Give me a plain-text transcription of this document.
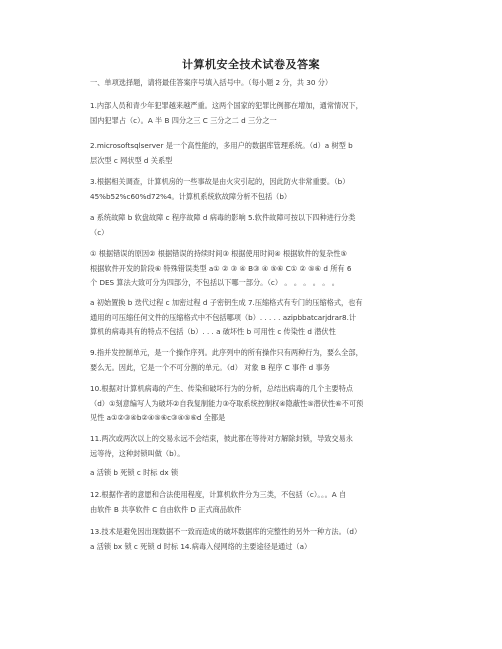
计算机安全技术试卷及答案
一、单项选择题，请将最佳答案序号填入括号中。（每小题 2 分，共 30 分）
1.内部人员和青少年犯罪越来越严重。这两个国家的犯罪比例都在增加，通常情况下，
国内犯罪占（c）。A 半 B 四分之三 C 三分之二 d 三分之一
2.microsoftsqlserver 是一个高性能的，多用户的数据库管理系统。（d）a 树型 b
层次型 c 网状型 d 关系型
3.根据相关调查，计算机房的一些事故是由火灾引起的，因此防火非常重要。（b）
45%b52%c60%d72%4。计算机系统软故障分析不包括（b）
a 系统故障 b 软盘故障 c 程序故障 d 病毒的影响 5.软件故障可按以下四种进行分类
（c）
① 根据错误的原因② 根据错误的持续时间③ 根据使用时间④ 根据软件的复杂性⑤
根据软件开发的阶段⑥ 特殊错误类型 a① ② ③ ④ B③ ④ ⑤⑥ C① ② ⑤⑥ d 所有 6
个 DES 算法大致可分为四部分，不包括以下哪一部分。（c） 。 。 。 。 。 。
a 初始置换 b 迭代过程 c 加密过程 d 子密钥生成 7.压缩格式有专门的压缩格式，也有
通用的可压缩任何文件的压缩格式中不包括哪项（b）. . . . . azipbbatcarjdrar8.计
算机的病毒具有的特点不包括（b）. . . a 破坏性 b 可用性 c 传染性 d 潜伏性
9.指并发控制单元，是一个操作序列。此序列中的所有操作只有两种行为，要么全部，
要么无。因此，它是一个不可分割的单元。（d） 对象 B 程序 C 事件 d 事务
10.根据对计算机病毒的产生、传染和破坏行为的分析，总结出病毒的几个主要特点
（d）①刻意编写人为破坏②自我复制能力③夺取系统控制权④隐蔽性⑤潜伏性⑥不可预
见性 a①②③④b②④⑤⑥c③④⑤⑥d 全都是
11.两次或两次以上的交易永远不会结束，彼此都在等待对方解除封锁，导致交易永
远等待，这种封锁叫做（b）。
a 活锁 b 死锁 c 时标 dx 锁
12.根据作者的意愿和合法使用程度，计算机软件分为三类，不包括（c）。。。A 自
由软件 B 共享软件 C 自由软件 D 正式商品软件
13.技术是避免因出现数据不一致而造成的破坏数据库的完整性的另外一种方法。（d）
a 活锁 bx 锁 c 死锁 d 时标 14.病毒入侵网络的主要途径是通过（a）
